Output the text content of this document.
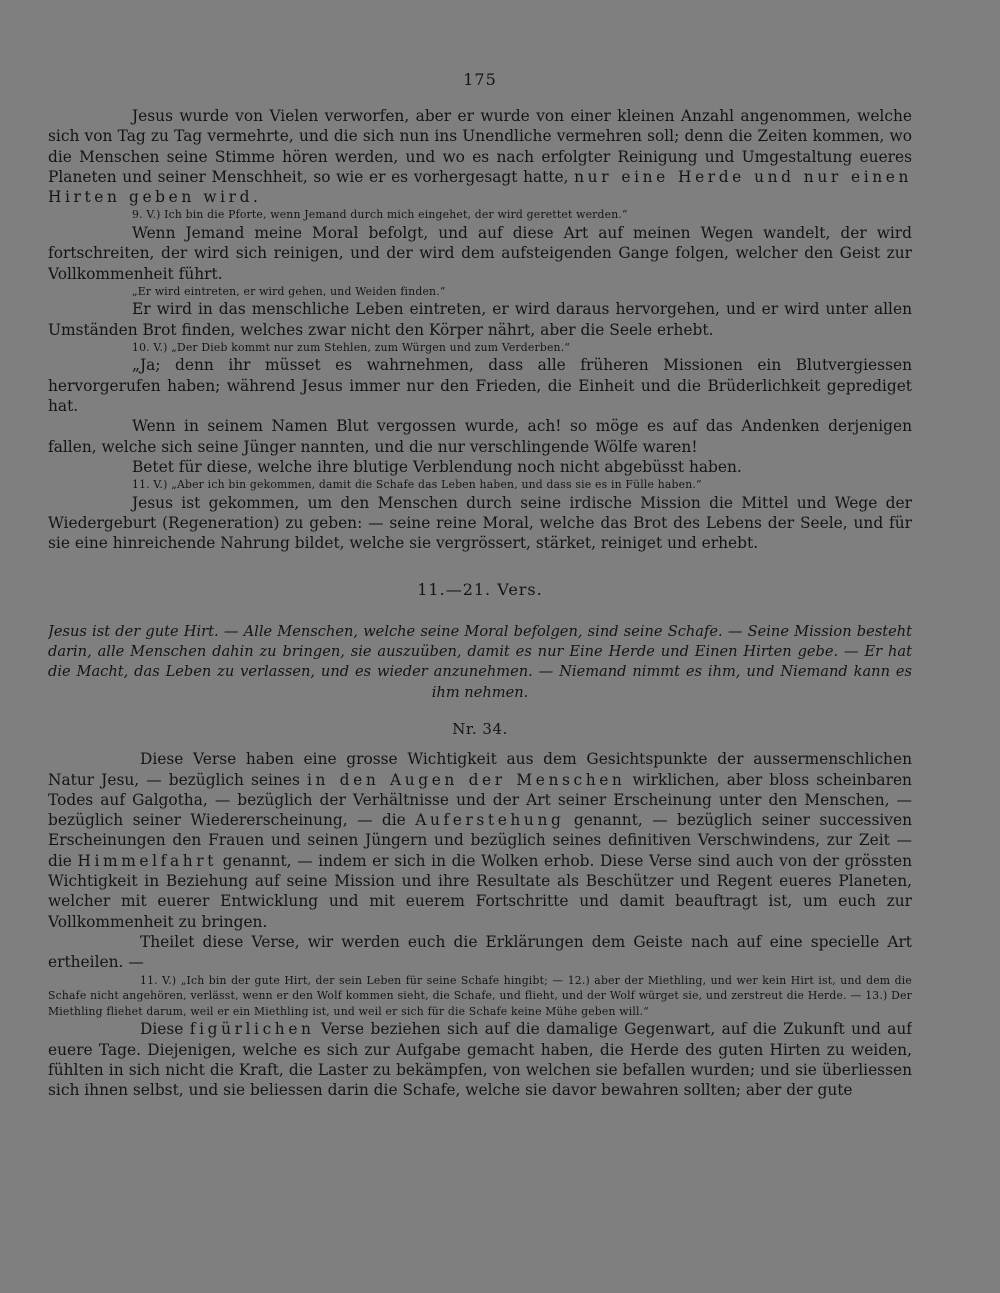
175

Jesus wurde von Vielen verworfen, aber er wurde von einer kleinen Anzahl angenommen, welche sich von Tag zu Tag vermehrte, und die sich nun ins Unendliche vermehren soll; denn die Zeiten kommen, wo die Menschen seine Stimme hören werden, und wo es nach erfolgter Reinigung und Umgestaltung eueres Planeten und seiner Menschheit, so wie er es vorhergesagt hatte, nur eine Herde und nur einen Hirten geben wird.

9. V.) Ich bin die Pforte, wenn Jemand durch mich eingehet, der wird gerettet werden.“

Wenn Jemand meine Moral befolgt, und auf diese Art auf meinen Wegen wandelt, der wird fortschreiten, der wird sich reinigen, und der wird dem aufsteigenden Gange folgen, welcher den Geist zur Vollkommenheit führt.

„Er wird eintreten, er wird gehen, und Weiden finden.“

Er wird in das menschliche Leben eintreten, er wird daraus hervorgehen, und er wird unter allen Umständen Brot finden, welches zwar nicht den Körper nährt, aber die Seele erhebt.

10. V.) „Der Dieb kommt nur zum Stehlen, zum Würgen und zum Verderben.“

„Ja; denn ihr müsset es wahrnehmen, dass alle früheren Missionen ein Blutvergiessen hervorgerufen haben; während Jesus immer nur den Frieden, die Einheit und die Brüderlichkeit geprediget hat.

Wenn in seinem Namen Blut vergossen wurde, ach! so möge es auf das Andenken derjenigen fallen, welche sich seine Jünger nannten, und die nur verschlingende Wölfe waren!

Betet für diese, welche ihre blutige Verblendung noch nicht abgebüsst haben.

11. V.) „Aber ich bin gekommen, damit die Schafe das Leben haben, und dass sie es in Fülle haben.“

Jesus ist gekommen, um den Menschen durch seine irdische Mission die Mittel und Wege der Wiedergeburt (Regeneration) zu geben: — seine reine Moral, welche das Brot des Lebens der Seele, und für sie eine hinreichende Nahrung bildet, welche sie vergrössert, stärket, reiniget und erhebt.

11.—21. Vers.

Jesus ist der gute Hirt. — Alle Menschen, welche seine Moral befolgen, sind seine Schafe. — Seine Mission besteht darin, alle Menschen dahin zu bringen, sie auszuüben, damit es nur Eine Herde und Einen Hirten gebe. — Er hat die Macht, das Leben zu verlassen, und es wieder anzunehmen. — Niemand nimmt es ihm, und Niemand kann es ihm nehmen.

Nr. 34.

Diese Verse haben eine grosse Wichtigkeit aus dem Gesichtspunkte der aussermenschlichen Natur Jesu, — bezüglich seines in den Augen der Menschen wirklichen, aber bloss scheinbaren Todes auf Galgotha, — bezüglich der Verhältnisse und der Art seiner Erscheinung unter den Menschen, — bezüglich seiner Wiedererscheinung, — die Auferstehung genannt, — bezüglich seiner successiven Erscheinungen den Frauen und seinen Jüngern und bezüglich seines definitiven Verschwindens, zur Zeit — die Himmelfahrt genannt, — indem er sich in die Wolken erhob. Diese Verse sind auch von der grössten Wichtigkeit in Beziehung auf seine Mission und ihre Resultate als Beschützer und Regent eueres Planeten, welcher mit euerer Entwicklung und mit euerem Fortschritte und damit beauftragt ist, um euch zur Vollkommenheit zu bringen.

Theilet diese Verse, wir werden euch die Erklärungen dem Geiste nach auf eine specielle Art ertheilen. —

11. V.) „Ich bin der gute Hirt, der sein Leben für seine Schafe hingibt; — 12.) aber der Miethling, und wer kein Hirt ist, und dem die Schafe nicht angehören, verlässt, wenn er den Wolf kommen sieht, die Schafe, und flieht, und der Wolf würget sie, und zerstreut die Herde. — 13.) Der Miethling fliehet darum, weil er ein Miethling ist, und weil er sich für die Schafe keine Mühe geben will.“

Diese figürlichen Verse beziehen sich auf die damalige Gegenwart, auf die Zukunft und auf euere Tage. Diejenigen, welche es sich zur Aufgabe gemacht haben, die Herde des guten Hirten zu weiden, fühlten in sich nicht die Kraft, die Laster zu bekämpfen, von welchen sie befallen wurden; und sie überliessen sich ihnen selbst, und sie beliessen darin die Schafe, welche sie davor bewahren sollten; aber der gute
